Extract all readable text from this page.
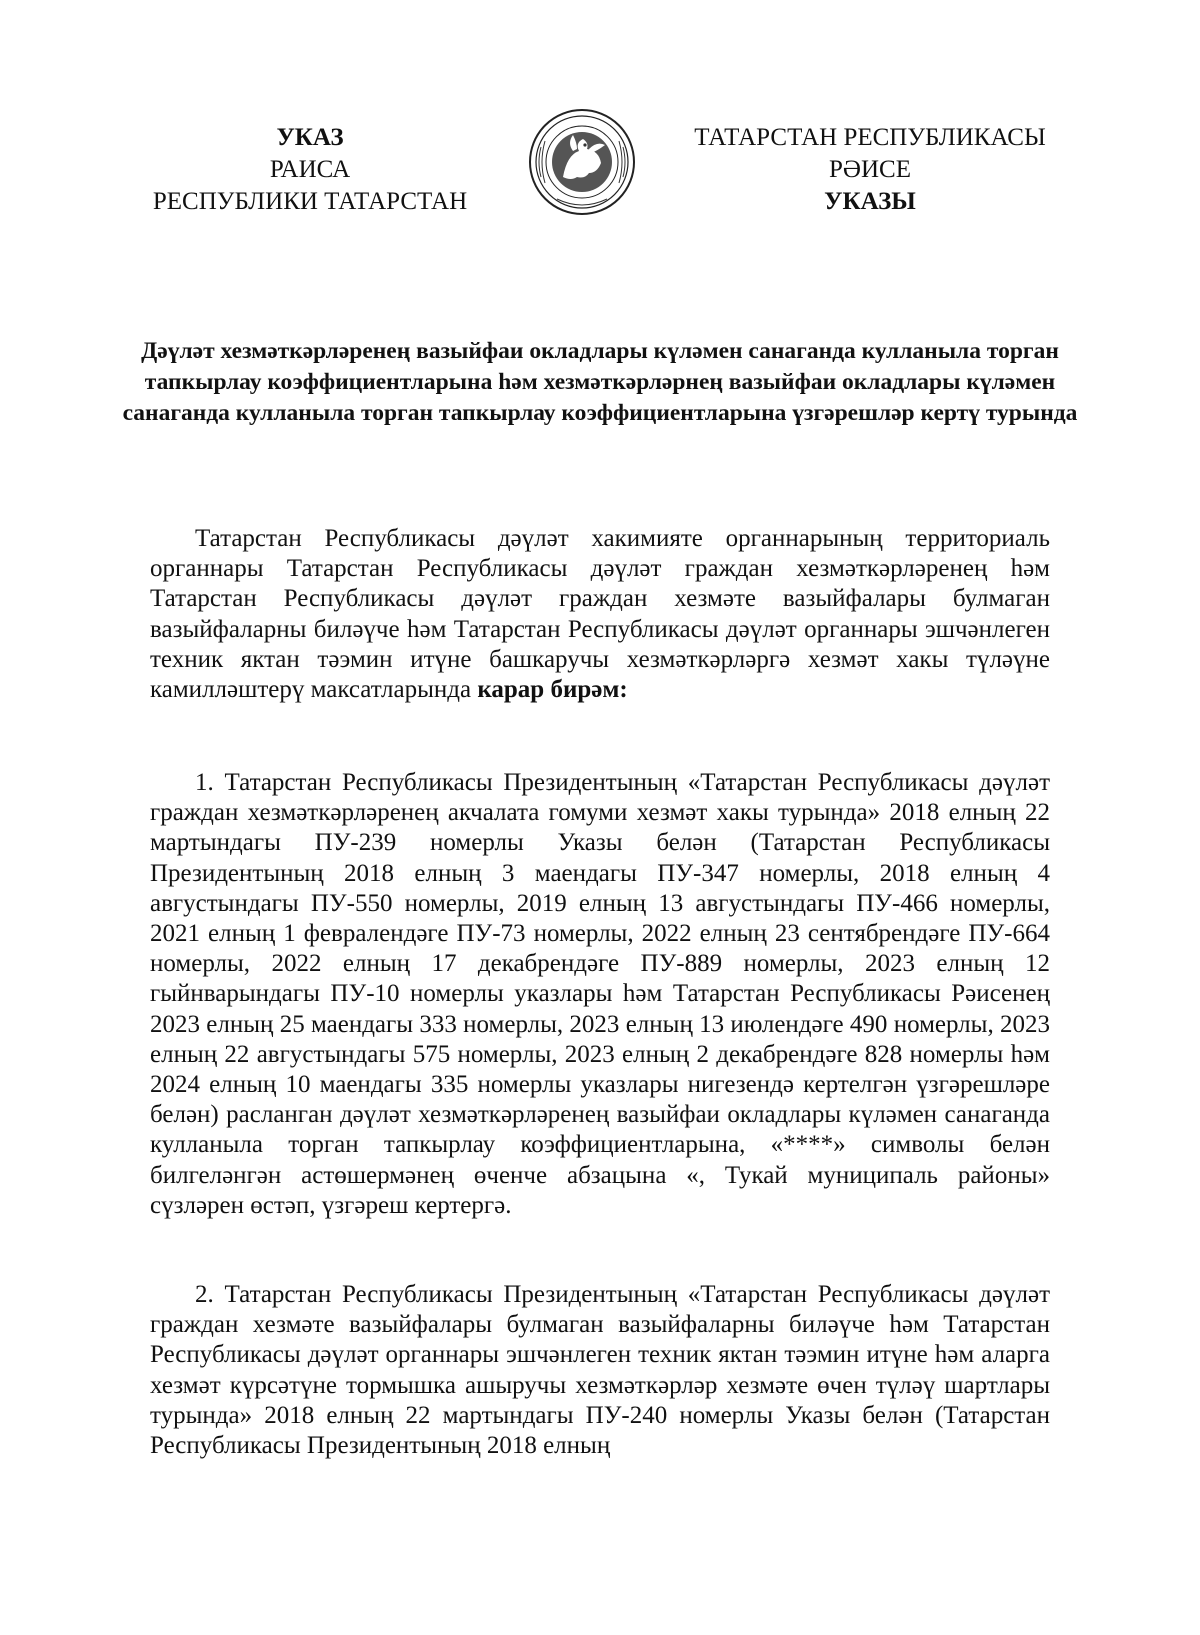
УКАЗ
РАИСА
РЕСПУБЛИКИ ТАТАРСТАН
ТАТАРСТАН РЕСПУБЛИКАСЫ
РӘИСЕ
УКАЗЫ
Дәүләт хезмәткәрләренең вазыйфаи окладлары күләмен санаганда кулланыла торган тапкырлау коэффициентларына һәм хезмәткәрләрнең вазыйфаи окладлары күләмен санаганда кулланыла торган тапкырлау коэффициентларына үзгәрешләр кертү турында

Татарстан Республикасы дәүләт хакимияте органнарының территориаль органнары Татарстан Республикасы дәүләт граждан хезмәткәрләренең һәм Татарстан Республикасы дәүләт граждан хезмәте вазыйфалары булмаган вазыйфаларны биләүче һәм Татарстан Республикасы дәүләт органнары эшчәнлеген техник яктан тәэмин итүне башкаручы хезмәткәрләргә хезмәт хакы түләүне камилләштерү максатларында карар бирәм:

1. Татарстан Республикасы Президентының «Татарстан Республикасы дәүләт граждан хезмәткәрләренең акчалата гомуми хезмәт хакы турында» 2018 елның 22 мартындагы ПУ-239 номерлы Указы белән (Татарстан Республикасы Президентының 2018 елның 3 маендагы ПУ-347 номерлы, 2018 елның 4 августындагы ПУ-550 номерлы, 2019 елның 13 августындагы ПУ-466 номерлы, 2021 елның 1 февралендәге ПУ-73 номерлы, 2022 елның 23 сентябрендәге ПУ-664 номерлы, 2022 елның 17 декабрендәге ПУ-889 номерлы, 2023 елның 12 гыйнварындагы ПУ-10 номерлы указлары һәм Татарстан Республикасы Рәисенең 2023 елның 25 маендагы 333 номерлы, 2023 елның 13 июлендәге 490 номерлы, 2023 елның 22 августындагы 575 номерлы, 2023 елның 2 декабрендәге 828 номерлы һәм 2024 елның 10 маендагы 335 номерлы указлары нигезендә кертелгән үзгәрешләре белән) расланган дәүләт хезмәткәрләренең вазыйфаи окладлары күләмен санаганда кулланыла торган тапкырлау коэффициентларына, «****» символы белән билгеләнгән астөшермәнең өченче абзацына «, Тукай муниципаль районы» сүзләрен өстәп, үзгәреш кертергә.

2. Татарстан Республикасы Президентының «Татарстан Республикасы дәүләт граждан хезмәте вазыйфалары булмаган вазыйфаларны биләүче һәм Татарстан Республикасы дәүләт органнары эшчәнлеген техник яктан тәэмин итүне һәм аларга хезмәт күрсәтүне тормышка ашыручы хезмәткәрләр хезмәте өчен түләү шартлары турында» 2018 елның 22 мартындагы ПУ-240 номерлы Указы белән (Татарстан Республикасы Президентының 2018 елның
